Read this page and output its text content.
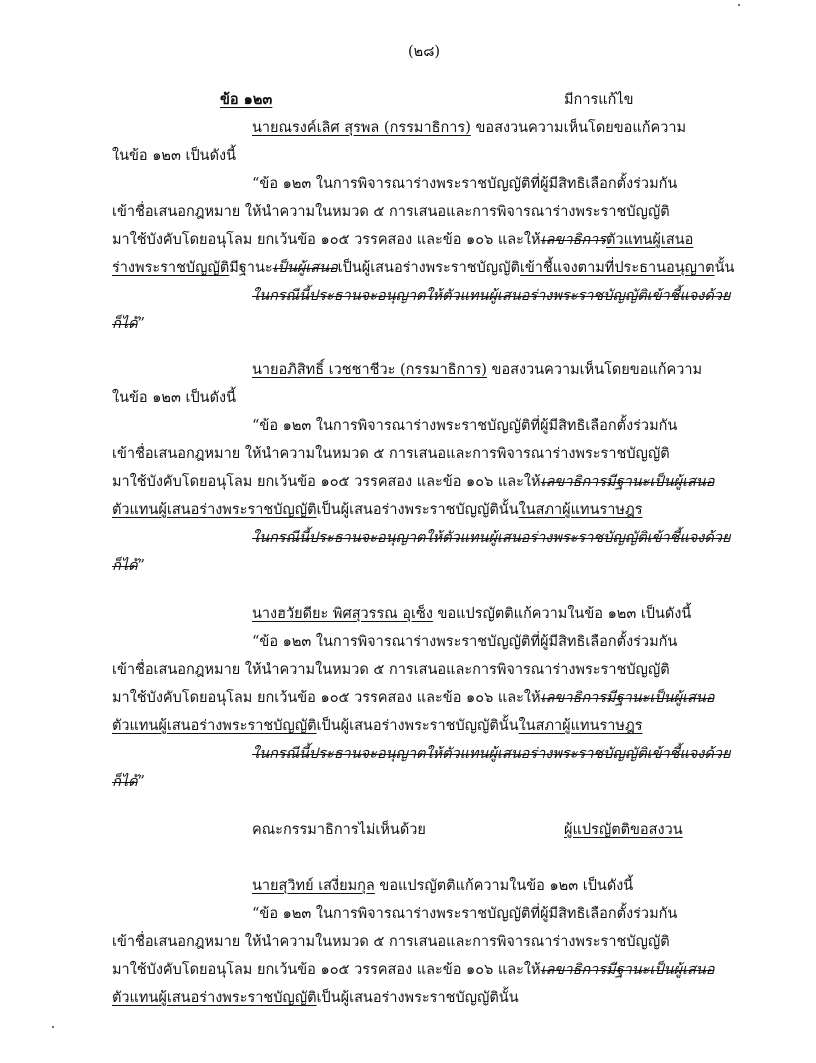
(๒๘)
ข้อ ๑๒๓	มีการแก้ไข
นายณรงค์เลิศ สุรพล (กรรมาธิการ) ขอสงวนความเห็นโดยขอแก้ความ
ในข้อ ๑๒๓ เป็นดังนี้
“ข้อ ๑๒๓ ในการพิจารณาร่างพระราชบัญญัติที่ผู้มีสิทธิเลือกตั้งร่วมกัน
เข้าชื่อเสนอกฎหมาย ให้นำความในหมวด ๕ การเสนอและการพิจารณาร่างพระราชบัญญัติ
มาใช้บังคับโดยอนุโลม ยกเว้นข้อ ๑๐๕ วรรคสอง และข้อ ๑๐๖ และให้เลขาธิการตัวแทนผู้เสนอ
ร่างพระราชบัญญัติมีฐานะเป็นผู้เสนอเป็นผู้เสนอร่างพระราชบัญญัติเข้าชี้แจงตามที่ประธานอนุญาตนั้น
ในกรณีนี้ประธานจะอนุญาตให้ตัวแทนผู้เสนอร่างพระราชบัญญัติเข้าชี้แจงด้วย
ก็ได้”
นายอภิสิทธิ์ เวชชาชีวะ (กรรมาธิการ) ขอสงวนความเห็นโดยขอแก้ความ
ในข้อ ๑๒๓ เป็นดังนี้
“ข้อ ๑๒๓ ในการพิจารณาร่างพระราชบัญญัติที่ผู้มีสิทธิเลือกตั้งร่วมกัน
เข้าชื่อเสนอกฎหมาย ให้นำความในหมวด ๕ การเสนอและการพิจารณาร่างพระราชบัญญัติ
มาใช้บังคับโดยอนุโลม ยกเว้นข้อ ๑๐๕ วรรคสอง และข้อ ๑๐๖ และให้เลขาธิการมีฐานะเป็นผู้เสนอ
ตัวแทนผู้เสนอร่างพระราชบัญญัติเป็นผู้เสนอร่างพระราชบัญญัตินั้นในสภาผู้แทนราษฎร
ในกรณีนี้ประธานจะอนุญาตให้ตัวแทนผู้เสนอร่างพระราชบัญญัติเข้าชี้แจงด้วย
ก็ได้”
นางฮวัยดียะ พิศสุวรรณ อุเซ็ง ขอแปรญัตติแก้ความในข้อ ๑๒๓ เป็นดังนี้
“ข้อ ๑๒๓ ในการพิจารณาร่างพระราชบัญญัติที่ผู้มีสิทธิเลือกตั้งร่วมกัน
เข้าชื่อเสนอกฎหมาย ให้นำความในหมวด ๕ การเสนอและการพิจารณาร่างพระราชบัญญัติ
มาใช้บังคับโดยอนุโลม ยกเว้นข้อ ๑๐๕ วรรคสอง และข้อ ๑๐๖ และให้เลขาธิการมีฐานะเป็นผู้เสนอ
ตัวแทนผู้เสนอร่างพระราชบัญญัติเป็นผู้เสนอร่างพระราชบัญญัตินั้นในสภาผู้แทนราษฎร
ในกรณีนี้ประธานจะอนุญาตให้ตัวแทนผู้เสนอร่างพระราชบัญญัติเข้าชี้แจงด้วย
ก็ได้”
คณะกรรมาธิการไม่เห็นด้วย	ผู้แปรญัตติขอสงวน
นายสุวิทย์ เสงี่ยมกุล ขอแปรญัตติแก้ความในข้อ ๑๒๓ เป็นดังนี้
“ข้อ ๑๒๓ ในการพิจารณาร่างพระราชบัญญัติที่ผู้มีสิทธิเลือกตั้งร่วมกัน
เข้าชื่อเสนอกฎหมาย ให้นำความในหมวด ๕ การเสนอและการพิจารณาร่างพระราชบัญญัติ
มาใช้บังคับโดยอนุโลม ยกเว้นข้อ ๑๐๕ วรรคสอง และข้อ ๑๐๖ และให้เลขาธิการมีฐานะเป็นผู้เสนอ
ตัวแทนผู้เสนอร่างพระราชบัญญัติเป็นผู้เสนอร่างพระราชบัญญัตินั้น
